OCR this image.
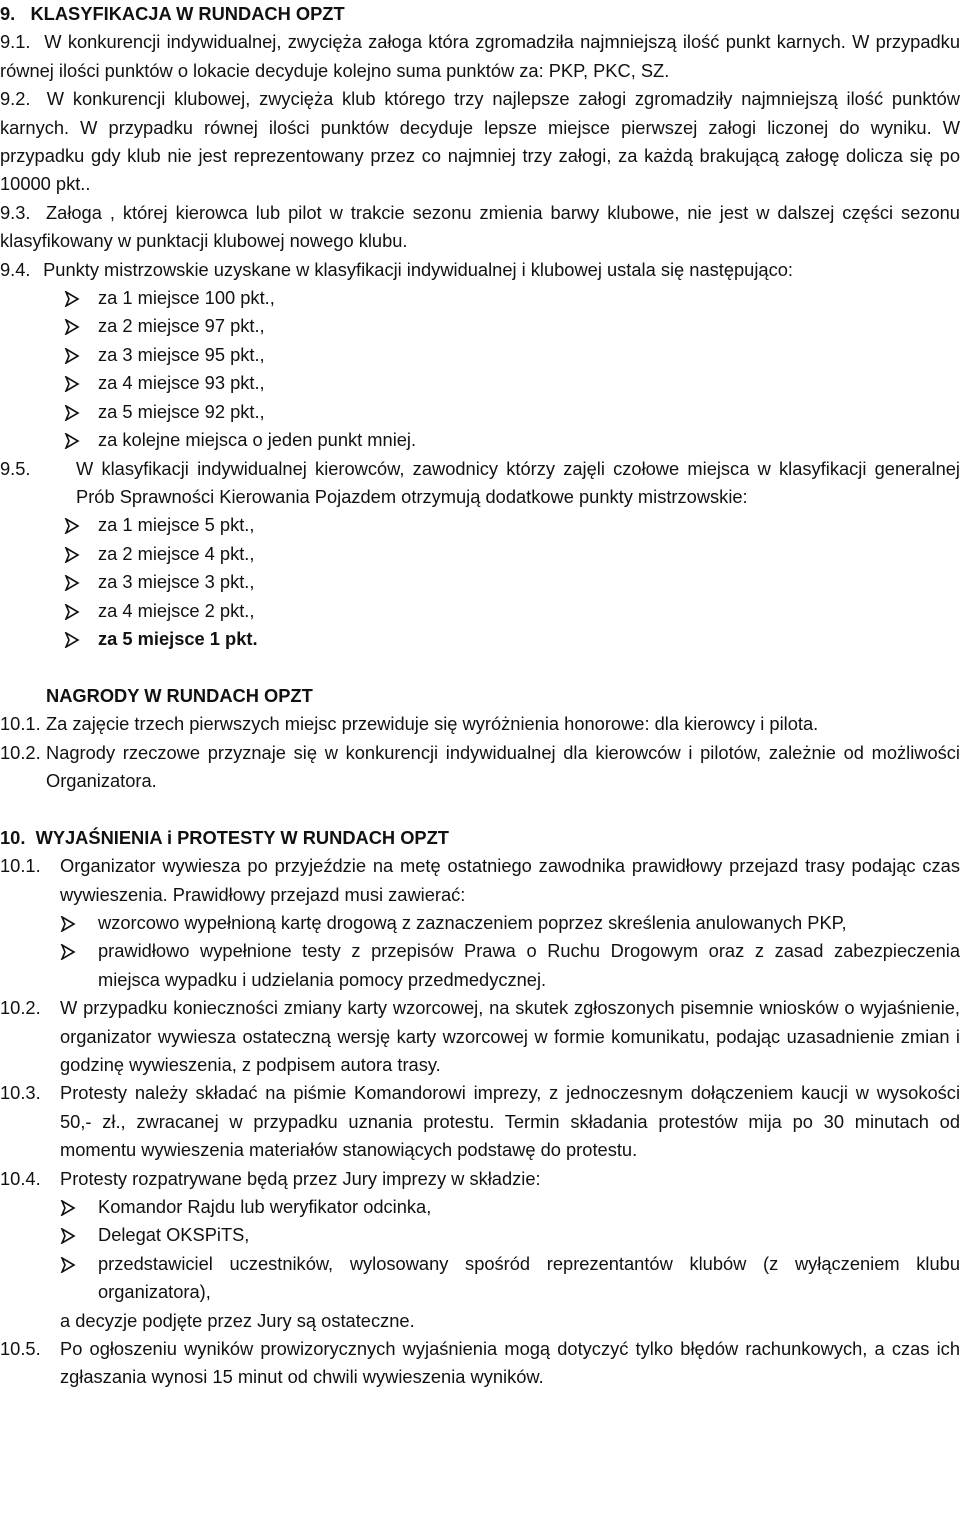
9.   KLASYFIKACJA W RUNDACH OPZT
9.1. W konkurencji indywidualnej, zwycięża załoga która zgromadziła najmniejszą ilość punkt karnych. W przypadku równej ilości punktów o lokacie decyduje kolejno suma punktów za: PKP, PKC, SZ.
9.2. W konkurencji klubowej, zwycięża klub którego trzy najlepsze załogi zgromadziły najmniejszą ilość punktów karnych. W przypadku równej ilości punktów decyduje lepsze miejsce pierwszej załogi liczonej do wyniku. W przypadku gdy klub nie jest reprezentowany przez co najmniej trzy załogi, za każdą brakującą załogę dolicza się po 10000 pkt..
9.3. Załoga , której kierowca lub pilot w trakcie sezonu zmienia barwy klubowe, nie jest w dalszej części sezonu klasyfikowany w punktacji klubowej nowego klubu.
9.4. Punkty mistrzowskie uzyskane w klasyfikacji indywidualnej i klubowej ustala się następująco:
za 1 miejsce 100 pkt.,
za 2 miejsce 97 pkt.,
za 3 miejsce 95 pkt.,
za 4 miejsce 93 pkt.,
za 5 miejsce 92 pkt.,
za kolejne miejsca o jeden punkt mniej.
9.5.	W klasyfikacji indywidualnej kierowców, zawodnicy którzy zajęli czołowe miejsca w klasyfikacji generalnej Prób Sprawności Kierowania Pojazdem otrzymują dodatkowe punkty mistrzowskie:
za 1 miejsce 5 pkt.,
za 2 miejsce 4 pkt.,
za 3 miejsce 3 pkt.,
za 4 miejsce 2 pkt.,
za 5 miejsce 1 pkt.
NAGRODY W RUNDACH OPZT
10.1. Za zajęcie trzech pierwszych miejsc przewiduje się wyróżnienia honorowe: dla kierowcy i pilota.
10.2. Nagrody rzeczowe przyznaje się w konkurencji indywidualnej dla kierowców i pilotów, zależnie od możliwości Organizatora.
10.  WYJAŚNIENIA i PROTESTY W RUNDACH OPZT
10.1.	Organizator wywiesza po przyjeździe na metę ostatniego zawodnika prawidłowy przejazd trasy podając czas wywieszenia. Prawidłowy przejazd musi zawierać:
wzorcowo wypełnioną kartę drogową z zaznaczeniem poprzez skreślenia anulowanych PKP,
prawidłowo wypełnione testy z przepisów Prawa o Ruchu Drogowym oraz z zasad zabezpieczenia miejsca wypadku i udzielania pomocy przedmedycznej.
10.2.	W przypadku konieczności zmiany karty wzorcowej, na skutek zgłoszonych pisemnie wniosków o wyjaśnienie, organizator wywiesza ostateczną wersję karty wzorcowej w formie komunikatu, podając uzasadnienie zmian i godzinę wywieszenia, z podpisem autora trasy.
10.3.	Protesty należy składać na piśmie Komandorowi imprezy, z jednoczesnym dołączeniem kaucji w wysokości 50,- zł., zwracanej w przypadku uznania protestu. Termin składania protestów mija po 30 minutach od momentu wywieszenia materiałów stanowiących podstawę do protestu.
10.4.	Protesty rozpatrywane będą przez Jury imprezy w składzie:
Komandor Rajdu lub weryfikator odcinka,
Delegat OKSPiTS,
przedstawiciel uczestników, wylosowany spośród reprezentantów klubów (z wyłączeniem klubu organizatora),
a decyzje podjęte przez Jury są ostateczne.
10.5.	Po ogłoszeniu wyników prowizorycznych wyjaśnienia mogą dotyczyć tylko błędów rachunkowych, a czas ich zgłaszania wynosi 15 minut od chwili wywieszenia wyników.
